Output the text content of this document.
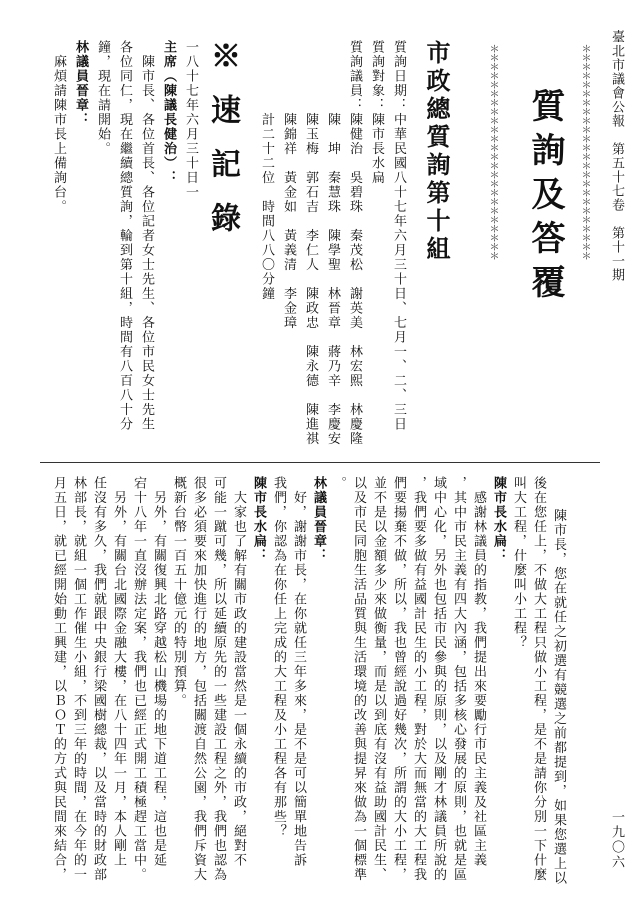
臺北市議會公報　第五十七卷　第十一期
一九〇六
質詢及答覆	＊＊＊＊＊＊＊＊＊＊＊＊＊＊＊＊＊＊＊＊＊＊＊＊
＊＊＊＊＊＊＊＊＊＊＊＊＊＊＊＊＊＊＊＊＊＊＊＊
市政總質詢第十組
質詢日期：中華民國八十七年六月三十日、七月一、二、三日
質詢對象：陳市長水扁
質詢議員：陳健治　吳碧珠　秦茂松　謝英美　林宏熙　林慶隆
　　　　　陳　坤　秦慧珠　陳學聖　林晉章　蔣乃辛　李慶安
　　　　　陳玉梅　郭石吉　李仁人　陳政忠　陳永德　陳進祺
　　　　　陳錦祥　黃金如　黃義清　李金璋
　　　　　計二十二位　時間八八〇分鐘
※速記錄
一八十七年六月三十日一
主席（陳議長健治）：
　陳市長、各位首長、各位記者女士先生、各位市民女士先生
各位同仁，現在繼續總質詢，輪到第十組，時間有八百八十分
鐘，現在請開始。
林議員晉章：
　麻煩請陳市長上備詢台。
　陳市長，您在就任之初選有競選之前都提到，如果您選上以
後在您任上，不做大工程只做小工程，是不是請你分別一下什麼
叫大工程，什麼叫小工程？
陳市長水扁：
　感謝林議員的指教，我們提出來要勵行市民主義及社區主義
，其中市民主義有四大內涵，包括多核心發展的原則，也就是區
域中心化，另外也包括市民參與的原則，以及剛才林議員所說的
，我們要多做有益國計民生的小工程，對於大而無當的大工程我
們要揚棄不做，所以，我也曾經說過好幾次，所謂的大小工程，
並不是以金額多少來做衡量，而是以到底有沒有益助國計民生、
以及市民同胞生活品質與生活環境的改善與提昇來做為一個標準
。
林議員晉章：
　好，謝謝市長，在你就任三年多來，是不是可以簡單地告訴
我們，你認為在你任上完成的大工程及小工程各有那些？
陳市長水扁：
　大家也了解有關市政的建設當然是一個永續的市政，絕對不
可能一蹴可幾，所以延續原先的一些建設工程之外，我們也認為
很多必須要來加快進行的地方，包括關渡自然公園，我們斥資大
概新台幣一百五十億元的特別預算。
　另外，有關復興北路穿越松山機場的地下道工程，這也是延
宕十八年一直沒辦法定案，我們也已經正式開工積極趕工當中。
　另外，有關台北國際金融大樓，在八十四年一月，本人剛上
任沒有多久，我們就跟中央銀行梁國樹總裁，以及當時的財政部
林部長，就組一個工作催生小組，不到三年的時間，在今年的一
月五日，就已經開始動工興建，以ＢＯＴ的方式與民間來結合，
